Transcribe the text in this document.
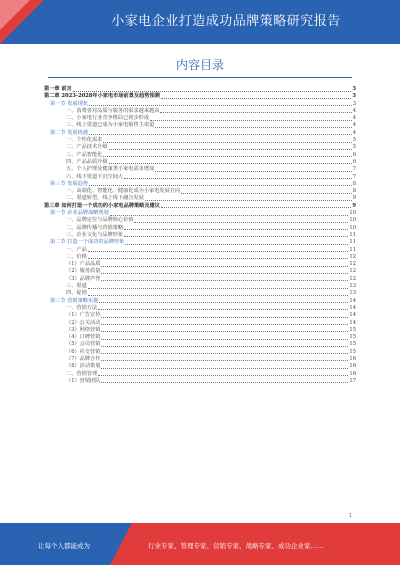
小家电企业打造成功品牌策略研究报告
内容目录
第一章 前言	3
第二章 2023-2028年小家电市场前景及趋势预测	3
第一节 发展现状	3
一、消费者对品质与服务的需求越来越高	4
二、小家电行业竞争格局已初步形成	4
三、线上渠道已成为小家电销售主渠道	4
第二节 发展机遇	4
一、个性化需求	5
二、产品技术升级	5
三、产品智能化	6
四、产品品质升级	6
五、个人护理及健康类小家电需求增加	7
六、线下渠道下沉空间大	7
第三节 发展趋势	8
一、高端化、智能化、健康化成为小家电发展方向	8
二、渠道转型，线上线下融合发展	9
第三章 如何打造一个成功的小家电品牌策略及建议	9
第一节 企业品牌战略规划	10
一、品牌定位与品牌核心价值	10
二、品牌传播与营销策略	10
三、企业文化与品牌形象	11
第二节 打造一个成功的品牌形象	11
一、产品	11
二、价格	12
（1）产品品质	12
（2）服务质量	12
（3）品牌声誉	12
三、渠道	13
四、促销	13
第三节 营销策略实施	14
一、营销方法	14
（1）广告宣传	14
（2）公关活动	14
（3）网络营销	15
（4）口碑营销	15
（5）会员营销	15
（6）社交营销	15
（7）品牌合作	16
（8）活动策划	16
二、营销管理	16
（1）营销团队	17
1
让每个人都能成为	行业专家、管理专家、营销专家、战略专家、成功企业家……
